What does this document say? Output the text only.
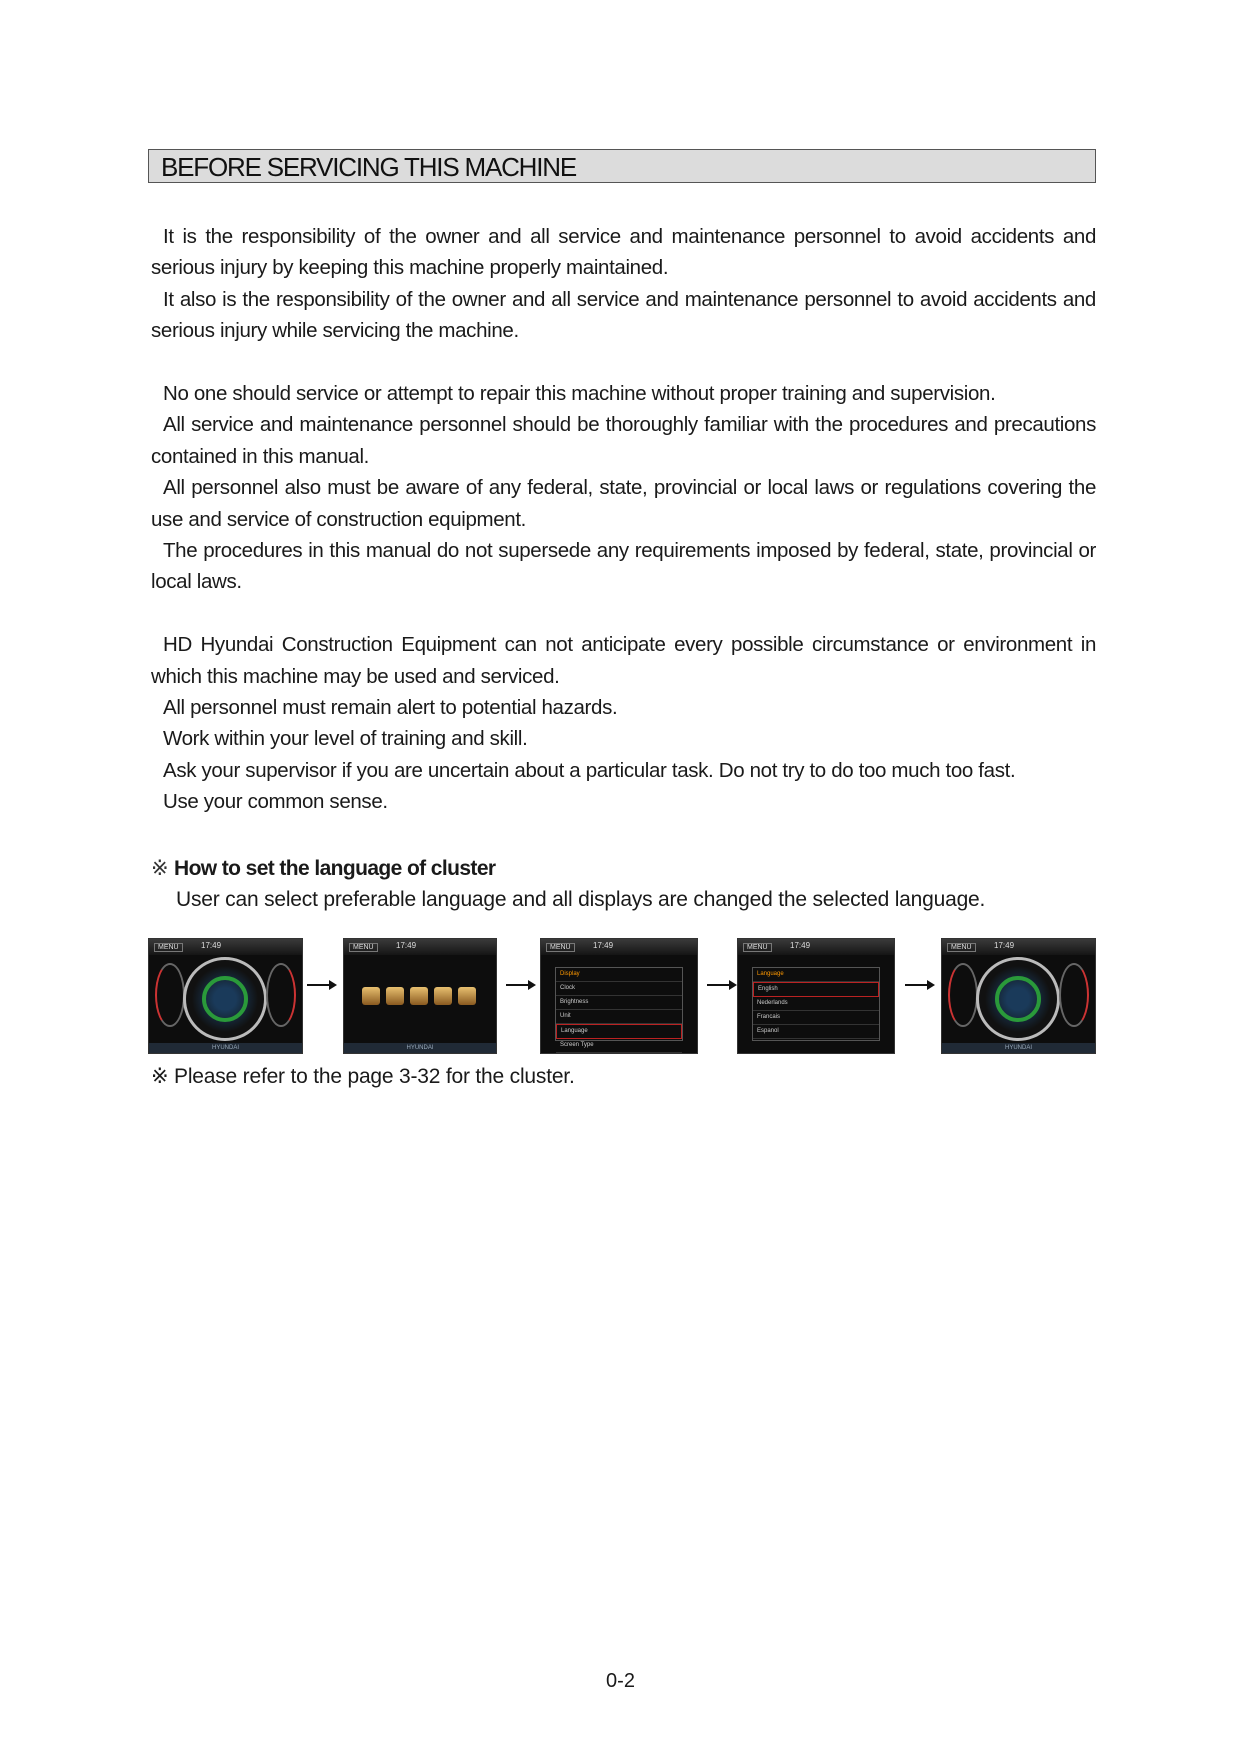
BEFORE SERVICING THIS MACHINE

It is the responsibility of the owner and all service and maintenance personnel to avoid accidents and serious injury by keeping this machine properly maintained.

It also is the responsibility of the owner and all service and maintenance personnel to avoid accidents and serious injury while servicing the machine.

No one should service or attempt to repair this machine without proper training and supervision.

All service and maintenance personnel should be thoroughly familiar with the procedures and precautions contained in this manual.

All personnel also must be aware of any federal, state, provincial or local laws or regulations covering the use and service of construction equipment.

The procedures in this manual do not supersede any requirements imposed by federal, state, provincial or local laws.

HD Hyundai Construction Equipment can not anticipate every possible circumstance or environment in which this machine may be used and serviced.

All personnel must remain alert to potential hazards.

Work within your level of training and skill.

Ask your supervisor if you are uncertain about a particular task. Do not try to do too much too fast.

Use your common sense.

※ How to set the language of cluster
User can select preferable language and all displays are changed the selected language.
MENU	17:49
HYUNDAI
MENU	17:49
HYUNDAI
MENU	17:49
Display
Clock
Brightness
Unit
Language
Screen Type
MENU	17:49
Language
English
Nederlands
Francais
Espanol
MENU	17:49
HYUNDAI
※ Please refer to the page 3-32 for the cluster.
0-2
